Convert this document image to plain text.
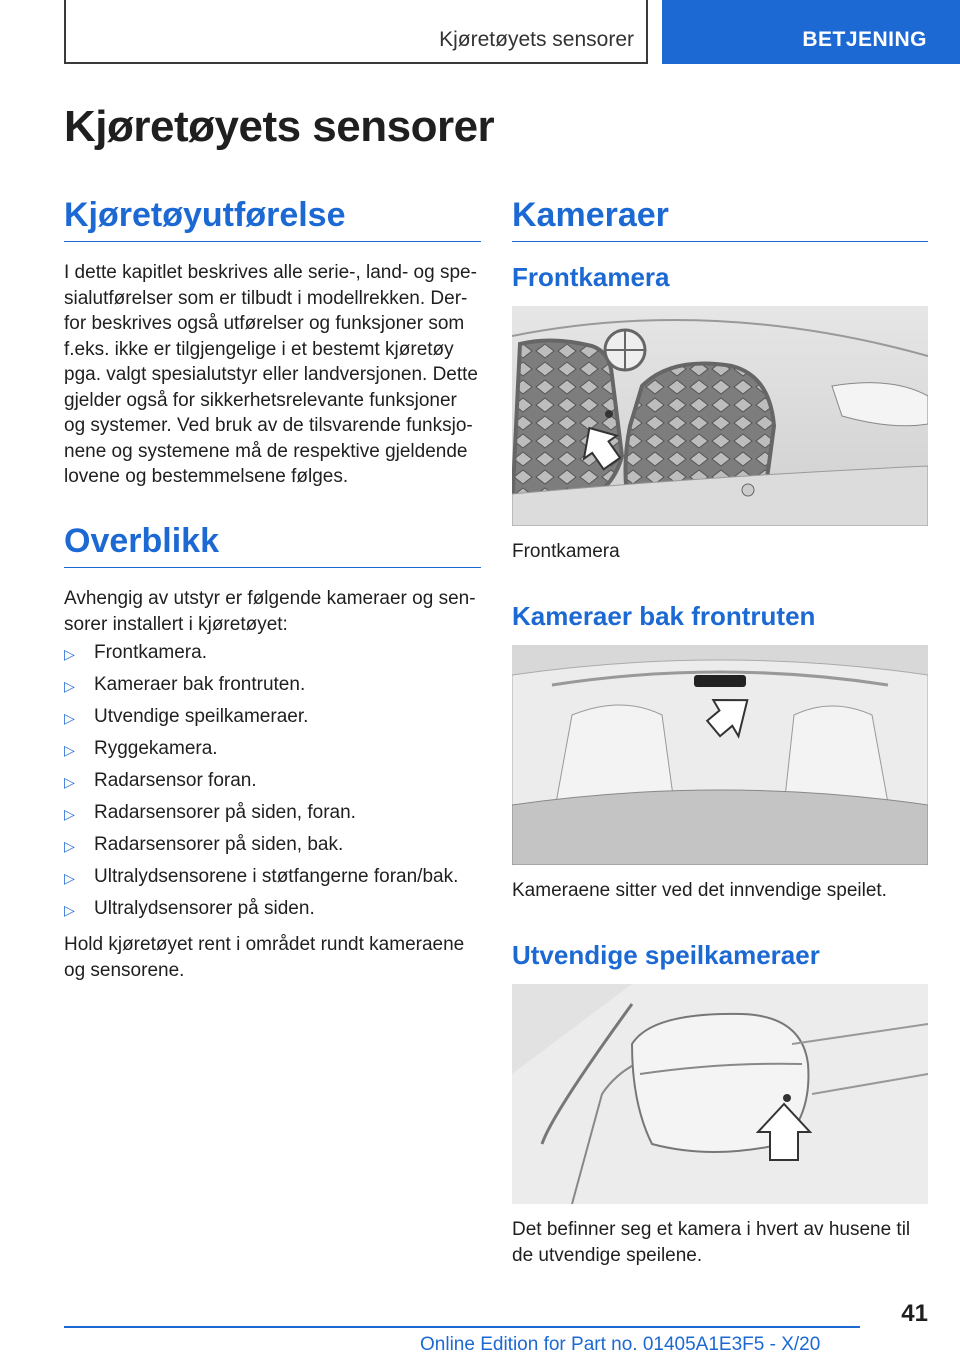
Kjøretøyets sensorer	BETJENING
Kjøretøyets sensorer
Kjøretøyutførelse
I dette kapitlet beskrives alle serie-, land- og spe-
sialutførelser som er tilbudt i modellrekken. Der-
for beskrives også utførelser og funksjoner som
f.eks. ikke er tilgjengelige i et bestemt kjøretøy
pga. valgt spesialutstyr eller landversjonen. Dette
gjelder også for sikkerhetsrelevante funksjoner
og systemer. Ved bruk av de tilsvarende funksjo-
nene og systemene må de respektive gjeldende
lovene og bestemmelsene følges.
Overblikk
Avhengig av utstyr er følgende kameraer og sen-
sorer installert i kjøretøyet:
▷ Frontkamera.
▷ Kameraer bak frontruten.
▷ Utvendige speilkameraer.
▷ Ryggekamera.
▷ Radarsensor foran.
▷ Radarsensorer på siden, foran.
▷ Radarsensorer på siden, bak.
▷ Ultralydsensorene i støtfangerne foran/bak.
▷ Ultralydsensorer på siden.
Hold kjøretøyet rent i området rundt kameraene
og sensorene.
Kameraer
Frontkamera

Frontkamera

Kameraer bak frontruten

Kameraene sitter ved det innvendige speilet.

Utvendige speilkameraer
Det befinner seg et kamera i hvert av husene til
de utvendige speilene.
41
Online Edition for Part no. 01405A1E3F5 - X/20
